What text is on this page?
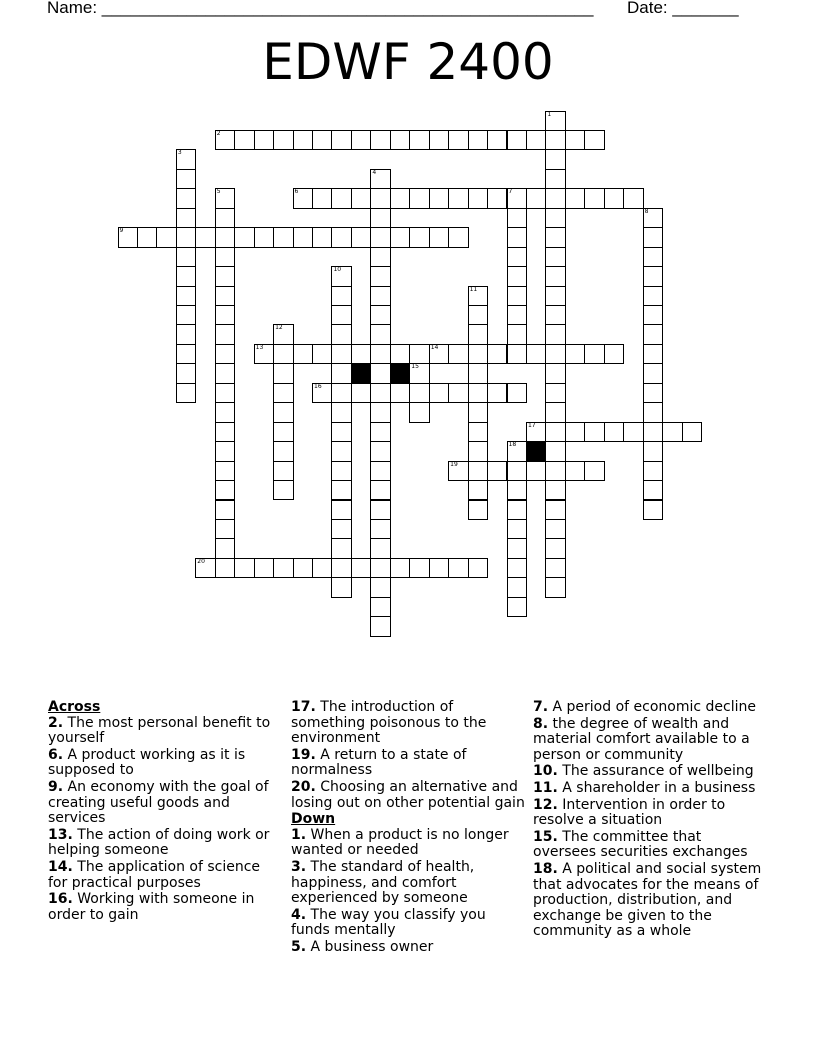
Name: ____________________________________________________ Date: _______
EDWF 2400
1
2
3
4
5	6	7
8
9
10
11
12
13	14
15
16
17
18
19
20
Across
2. The most personal benefit to yourself
6. A product working as it is supposed to
9. An economy with the goal of creating useful goods and services
13. The action of doing work or helping someone
14. The application of science for practical purposes
16. Working with someone in order to gain
17. The introduction of something poisonous to the environment
19. A return to a state of normalness
20. Choosing an alternative and losing out on other potential gain
Down
1. When a product is no longer wanted or needed
3. The standard of health, happiness, and comfort experienced by someone
4. The way you classify you funds mentally
5. A business owner
7. A period of economic decline
8. the degree of wealth and material comfort available to a person or community
10. The assurance of wellbeing
11. A shareholder in a business
12. Intervention in order to resolve a situation
15. The committee that oversees securities exchanges
18. A political and social system that advocates for the means of production, distribution, and exchange be given to the community as a whole
